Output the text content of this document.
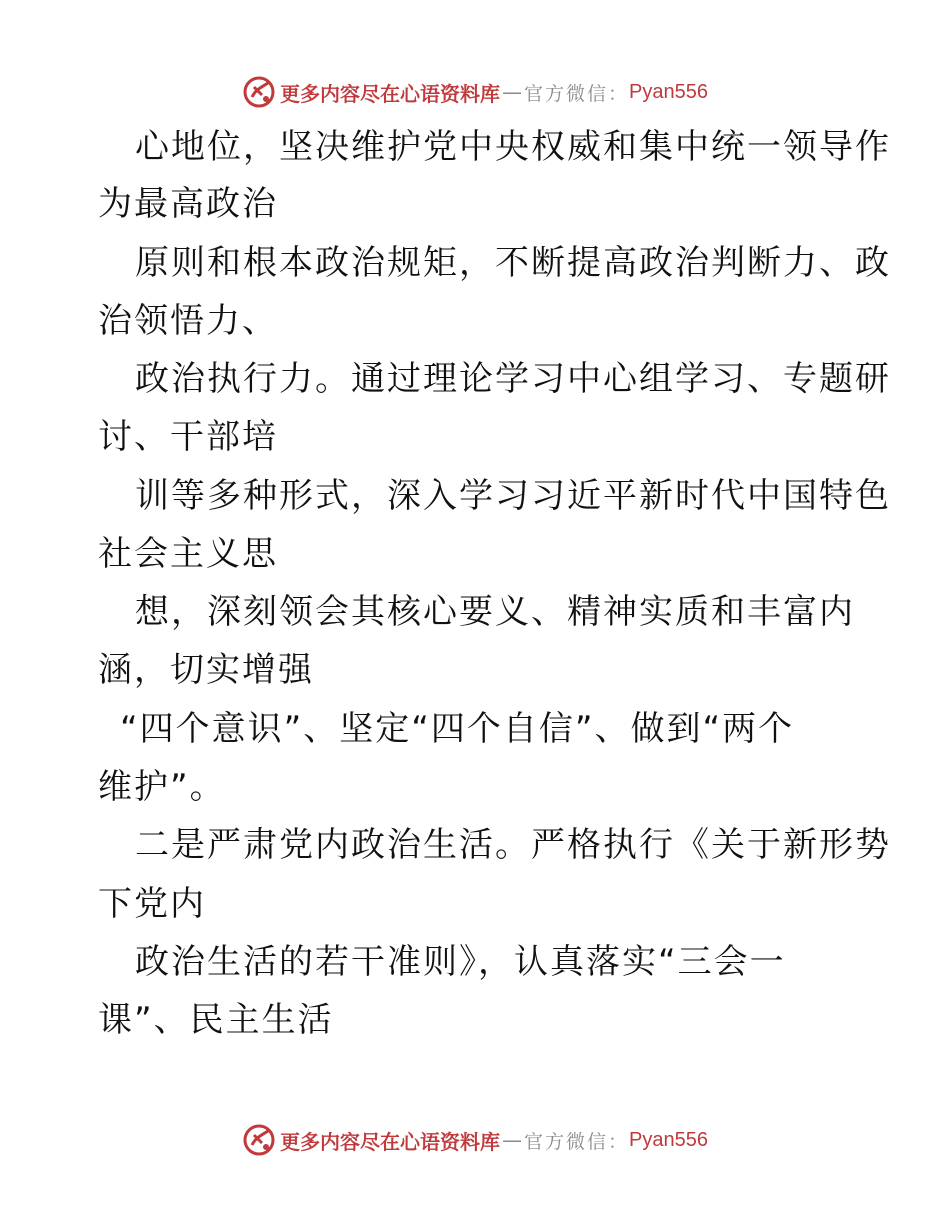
更多内容尽在心语资料库 — 官方微信： Pyan556
心地位，坚决维护党中央权威和集中统一领导作
为最高政治
原则和根本政治规矩，不断提高政治判断力、政
治领悟力、
政治执行力。通过理论学习中心组学习、专题研
讨、干部培
训等多种形式，深入学习习近平新时代中国特色
社会主义思
想，深刻领会其核心要义、精神实质和丰富内
涵，切实增强
“四个意识”、坚定“四个自信”、做到“两个
维护”。
二是严肃党内政治生活。严格执行《关于新形势
下党内
政治生活的若干准则》，认真落实“三会一
课”、民主生活
更多内容尽在心语资料库 — 官方微信： Pyan556
